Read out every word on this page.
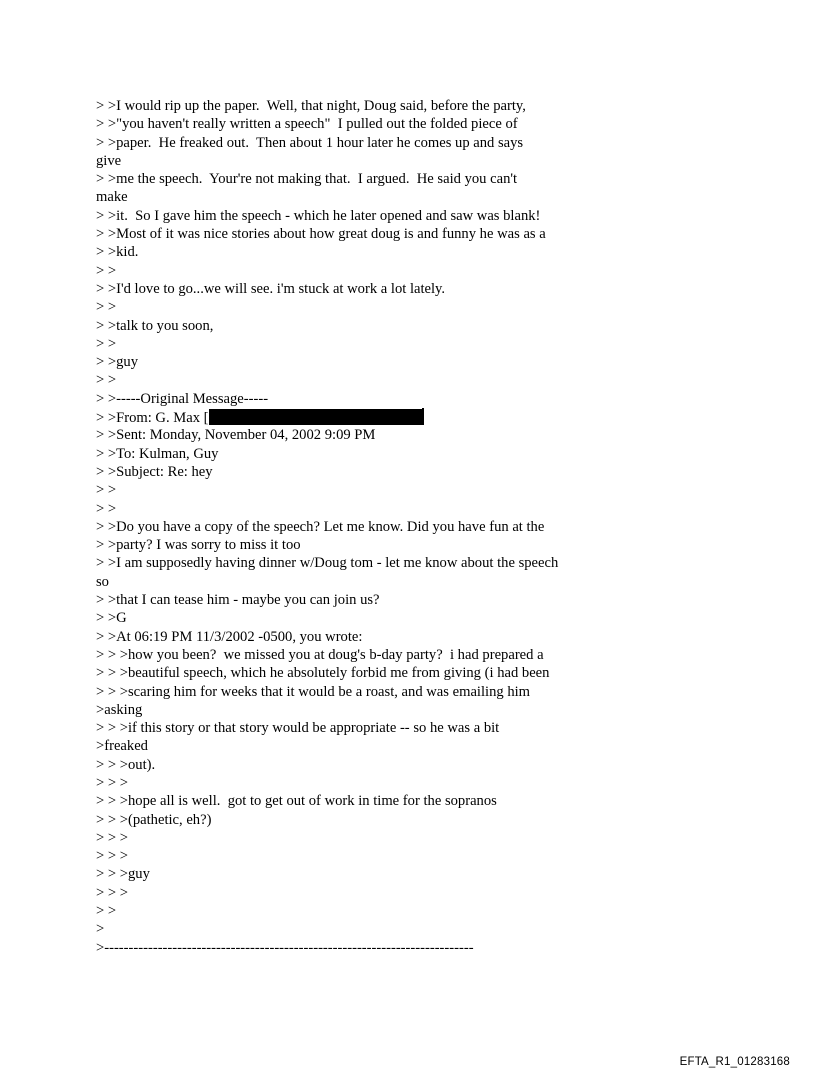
> >I would rip up the paper.  Well, that night, Doug said, before the party,
> >"you haven't really written a speech"  I pulled out the folded piece of
> >paper.  He freaked out.  Then about 1 hour later he comes up and says
give
> >me the speech.  Your're not making that.  I argued.  He said you can't
make
> >it.  So I gave him the speech - which he later opened and saw was blank!
> >Most of it was nice stories about how great doug is and funny he was as a
> >kid.
> >
> >I'd love to go...we will see. i'm stuck at work a lot lately.
> >
> >talk to you soon,
> >
> >guy
> >
> >-----Original Message-----
> >From: G. Max [
> >Sent: Monday, November 04, 2002 9:09 PM
> >To: Kulman, Guy
> >Subject: Re: hey
> >
> >
> >Do you have a copy of the speech? Let me know. Did you have fun at the
> >party? I was sorry to miss it too
> >I am supposedly having dinner w/Doug tom - let me know about the speech
so
> >that I can tease him - maybe you can join us?
> >G
> >At 06:19 PM 11/3/2002 -0500, you wrote:
> > >how you been?  we missed you at doug's b-day party?  i had prepared a
> > >beautiful speech, which he absolutely forbid me from giving (i had been
> > >scaring him for weeks that it would be a roast, and was emailing him
>asking
> > >if this story or that story would be appropriate -- so he was a bit
>freaked
> > >out).
> > >
> > >hope all is well.  got to get out of work in time for the sopranos
> > >(pathetic, eh?)
> > >
> > >
> > >guy
> > >
> >
>
>----------------------------------------------------------------------------
EFTA_R1_01283168
